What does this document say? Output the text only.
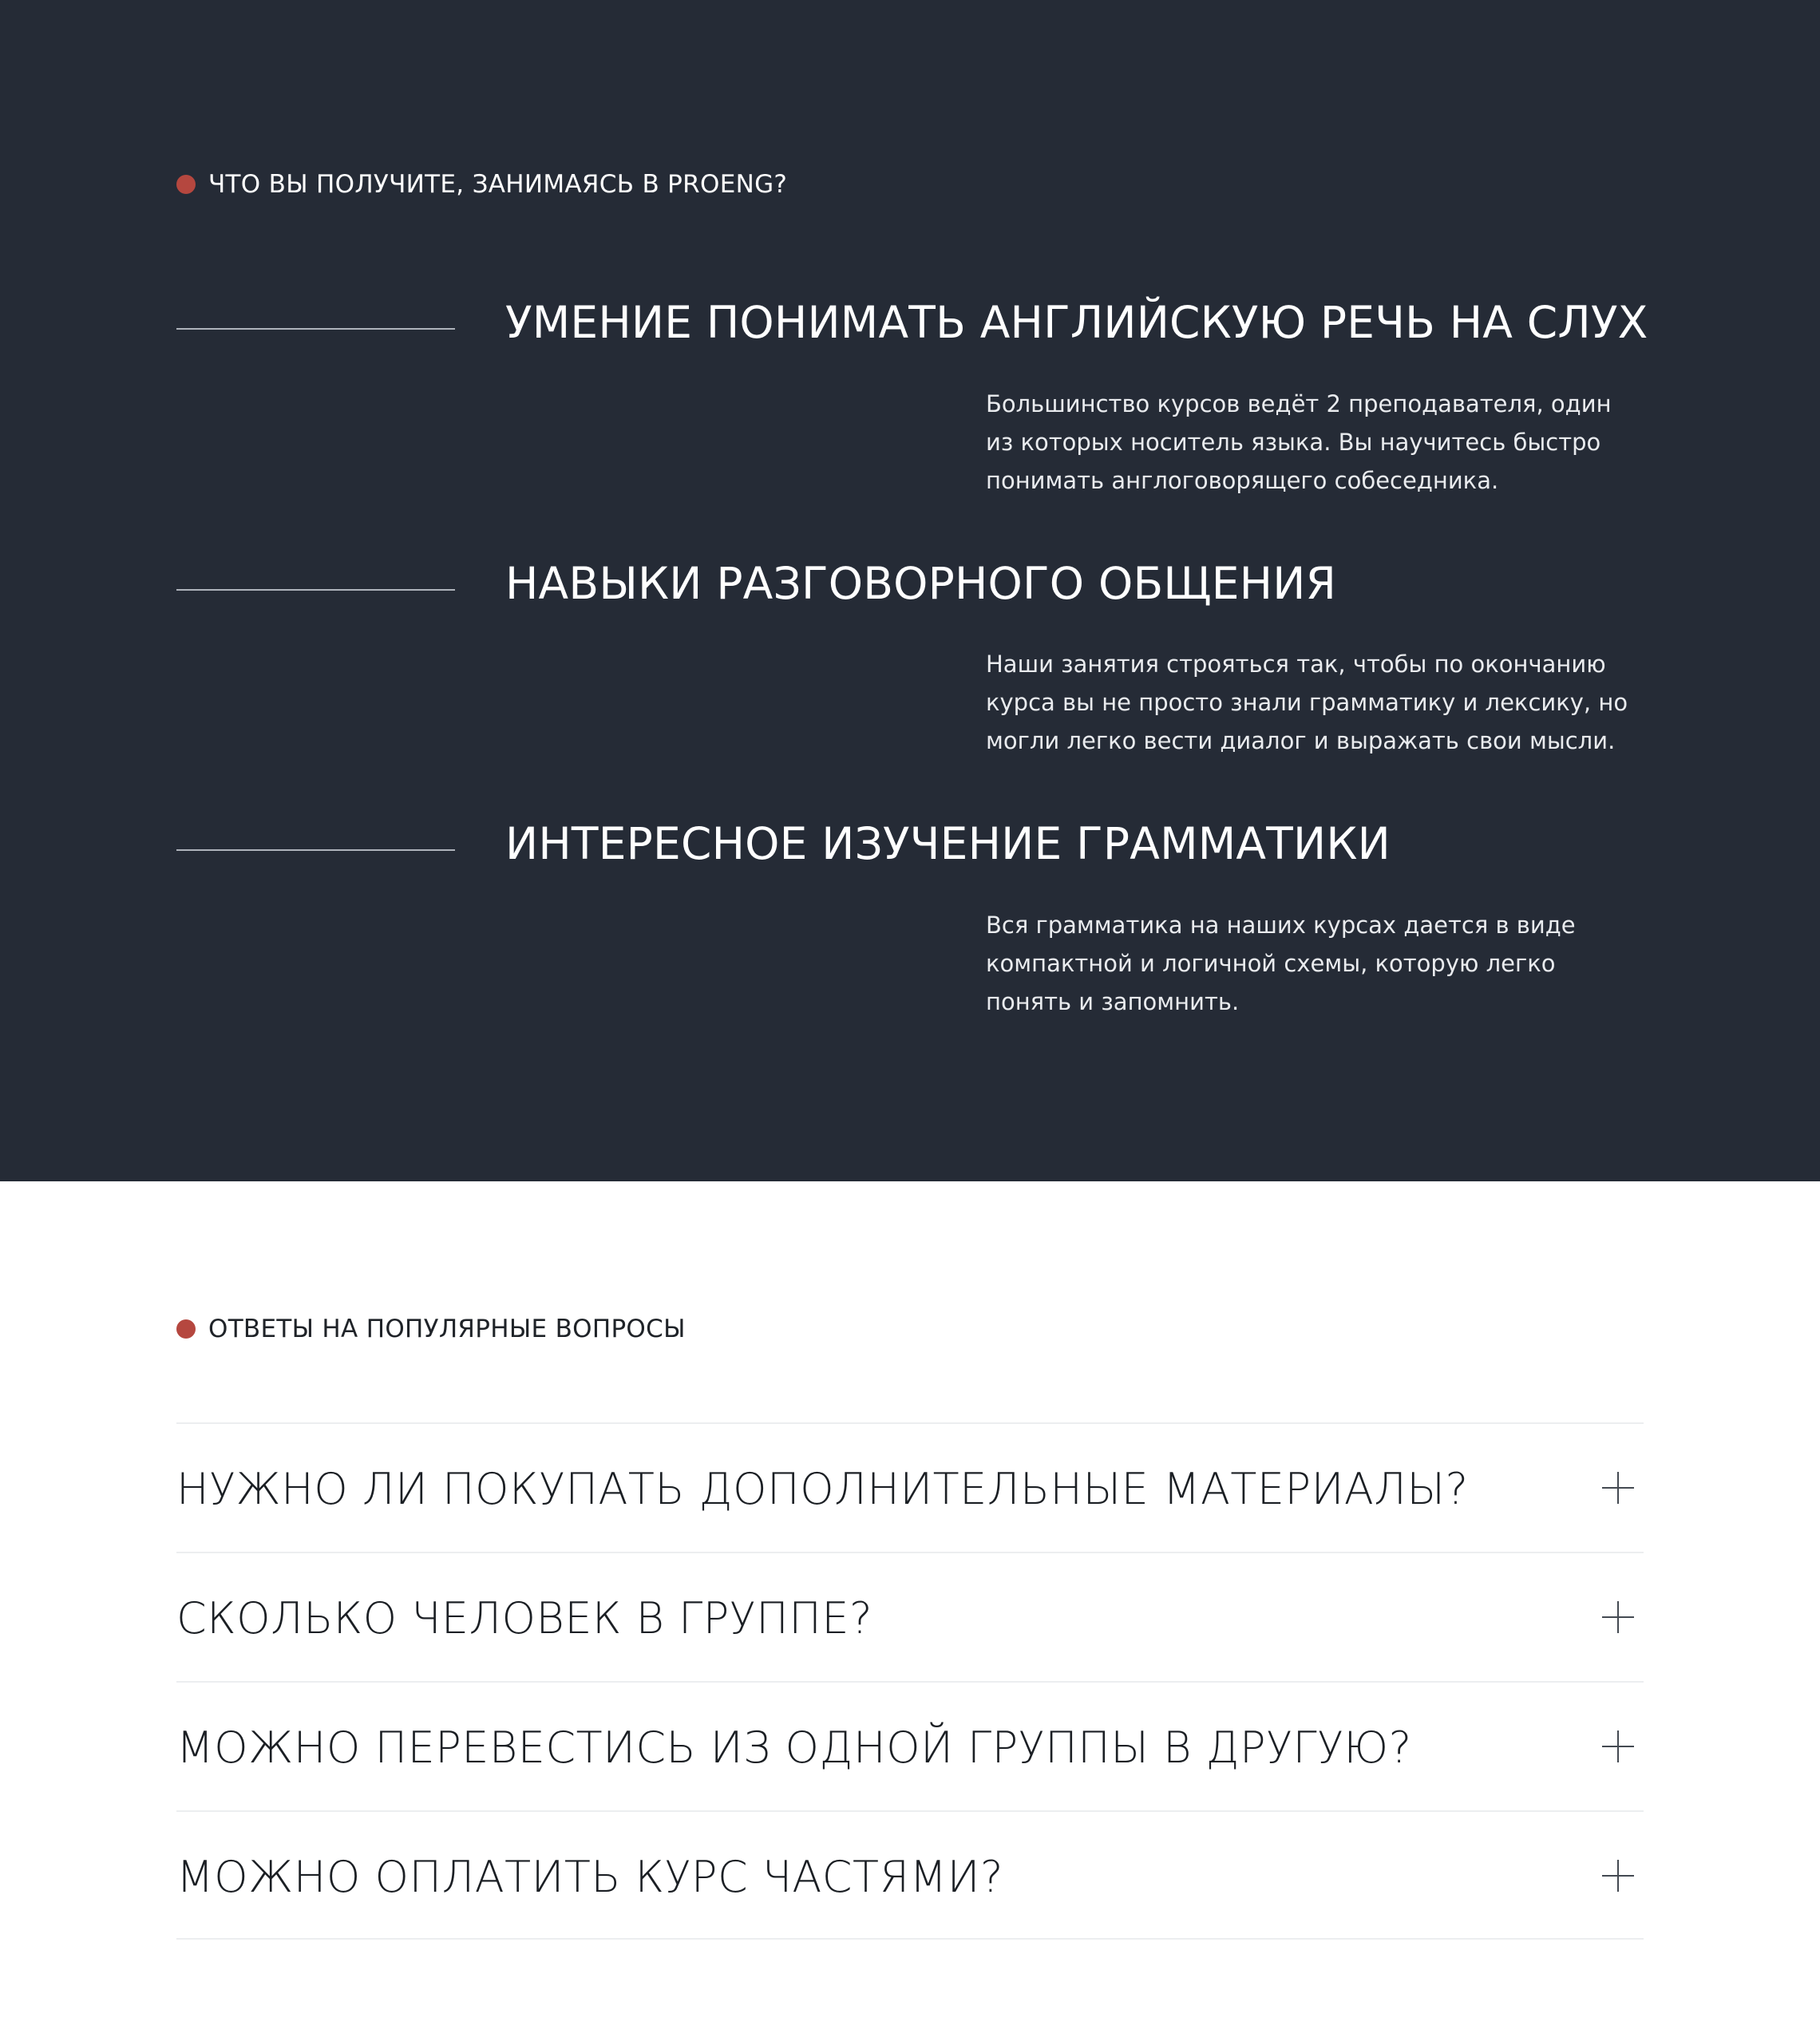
ЧТО ВЫ ПОЛУЧИТЕ, ЗАНИМАЯСЬ В PROENG?
УМЕНИЕ ПОНИМАТЬ АНГЛИЙСКУЮ РЕЧЬ НА СЛУХ
Большинство курсов ведёт 2 преподавателя, один из которых носитель языка. Вы научитесь быстро понимать англоговорящего собеседника.
НАВЫКИ РАЗГОВОРНОГО ОБЩЕНИЯ
Наши занятия строяться так, чтобы по окончанию курса вы не просто знали грамматику и лексику, но могли легко вести диалог и выражать свои мысли.
ИНТЕРЕСНОЕ ИЗУЧЕНИЕ ГРАММАТИКИ
Вся грамматика на наших курсах дается в виде компактной и логичной схемы, которую легко понять и запомнить.
ОТВЕТЫ НА ПОПУЛЯРНЫЕ ВОПРОСЫ
НУЖНО ЛИ ПОКУПАТЬ ДОПОЛНИТЕЛЬНЫЕ МАТЕРИАЛЫ?
СКОЛЬКО ЧЕЛОВЕК В ГРУППЕ?
МОЖНО ПЕРЕВЕСТИСЬ ИЗ ОДНОЙ ГРУППЫ В ДРУГУЮ?
МОЖНО ОПЛАТИТЬ КУРС ЧАСТЯМИ?
